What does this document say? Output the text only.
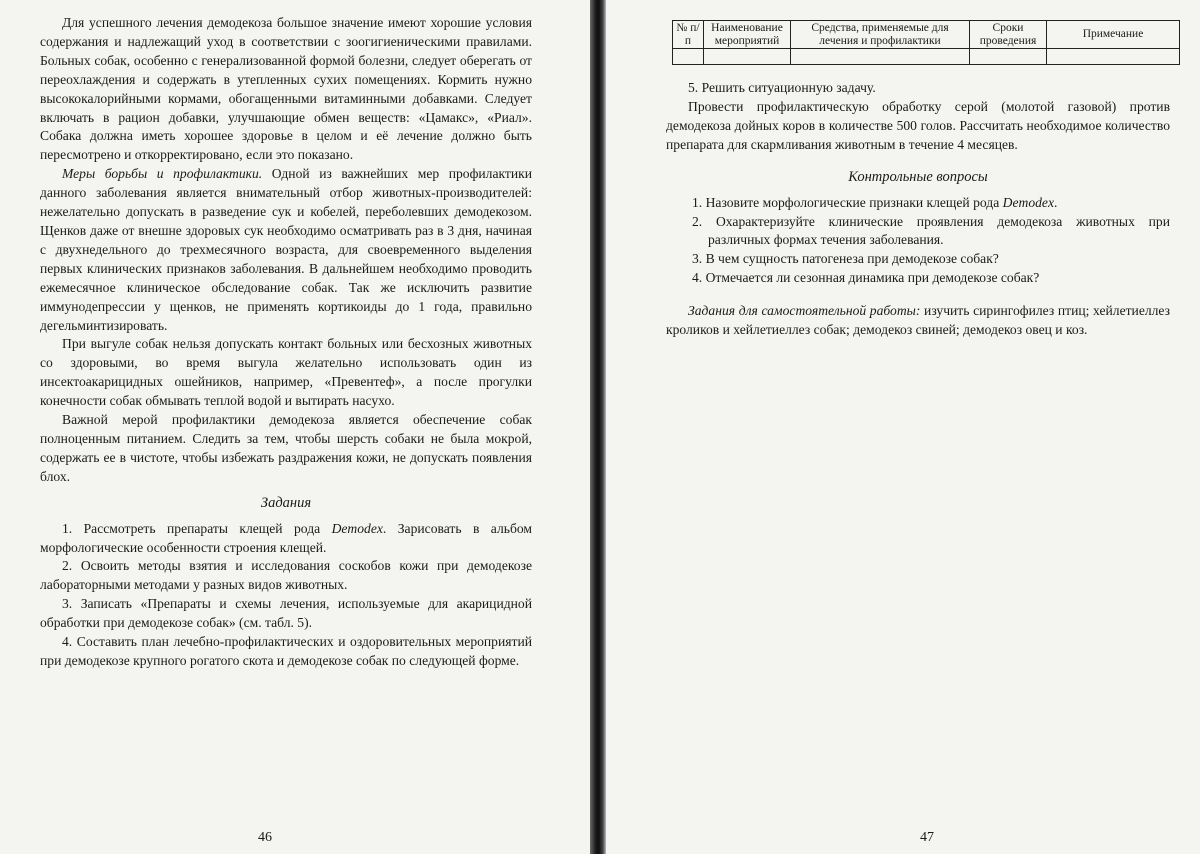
Для успешного лечения демодекоза большое значение имеют хорошие условия содержания и надлежащий уход в соответствии с зоогигиеническими правилами. Больных собак, особенно с генерализованной формой болезни, следует оберегать от переохлаждения и содержать в утепленных сухих помещениях. Кормить нужно высококалорийными кормами, обогащенными витаминными добавками. Следует включать в рацион добавки, улучшающие обмен веществ: «Цамакс», «Риал». Собака должна иметь хорошее здоровье в целом и её лечение должно быть пересмотрено и откорректировано, если это показано.

Меры борьбы и профилактики. Одной из важнейших мер профилактики данного заболевания является внимательный отбор животных-производителей: нежелательно допускать в разведение сук и кобелей, переболевших демодекозом. Щенков даже от внешне здоровых сук необходимо осматривать раз в 3 дня, начиная с двухнедельного до трехмесячного возраста, для своевременного выделения первых клинических признаков заболевания. В дальнейшем необходимо проводить ежемесячное клиническое обследование собак. Так же исключить развитие иммунодепрессии у щенков, не применять кортикоиды до 1 года, правильно дегельминтизировать.

При выгуле собак нельзя допускать контакт больных или бесхозных животных со здоровыми, во время выгула желательно использовать один из инсектоакарицидных ошейников, например, «Превентеф», а после прогулки конечности собак обмывать теплой водой и вытирать насухо.

Важной мерой профилактики демодекоза является обеспечение собак полноценным питанием. Следить за тем, чтобы шерсть собаки не была мокрой, содержать ее в чистоте, чтобы избежать раздражения кожи, не допускать появления блох.

Задания

1. Рассмотреть препараты клещей рода Demodex. Зарисовать в альбом морфологические особенности строения клещей.

2. Освоить методы взятия и исследования соскобов кожи при демодекозе лабораторными методами у разных видов животных.

3. Записать «Препараты и схемы лечения, используемые для акарицидной обработки при демодекозе собак» (см. табл. 5).

4. Составить план лечебно-профилактических и оздоровительных мероприятий при демодекозе крупного рогатого скота и демодекозе собак по следующей форме.

46
№ п/п	Наименование мероприятий	Средства, применяемые для лечения и профилактики	Сроки проведения	Примечание

5. Решить ситуационную задачу.

Провести профилактическую обработку серой (молотой газовой) против демодекоза дойных коров в количестве 500 голов. Рассчитать необходимое количество препарата для скармливания животным в течение 4 месяцев.

Контрольные вопросы

1. Назовите морфологические признаки клещей рода Demodex.

2. Охарактеризуйте клинические проявления демодекоза животных при различных формах течения заболевания.

3. В чем сущность патогенеза при демодекозе собак?

4. Отмечается ли сезонная динамика при демодекозе собак?

Задания для самостоятельной работы: изучить сирингофилез птиц; хейлетиеллез кроликов и хейлетиеллез собак; демодекоз свиней; демодекоз овец и коз.

47
